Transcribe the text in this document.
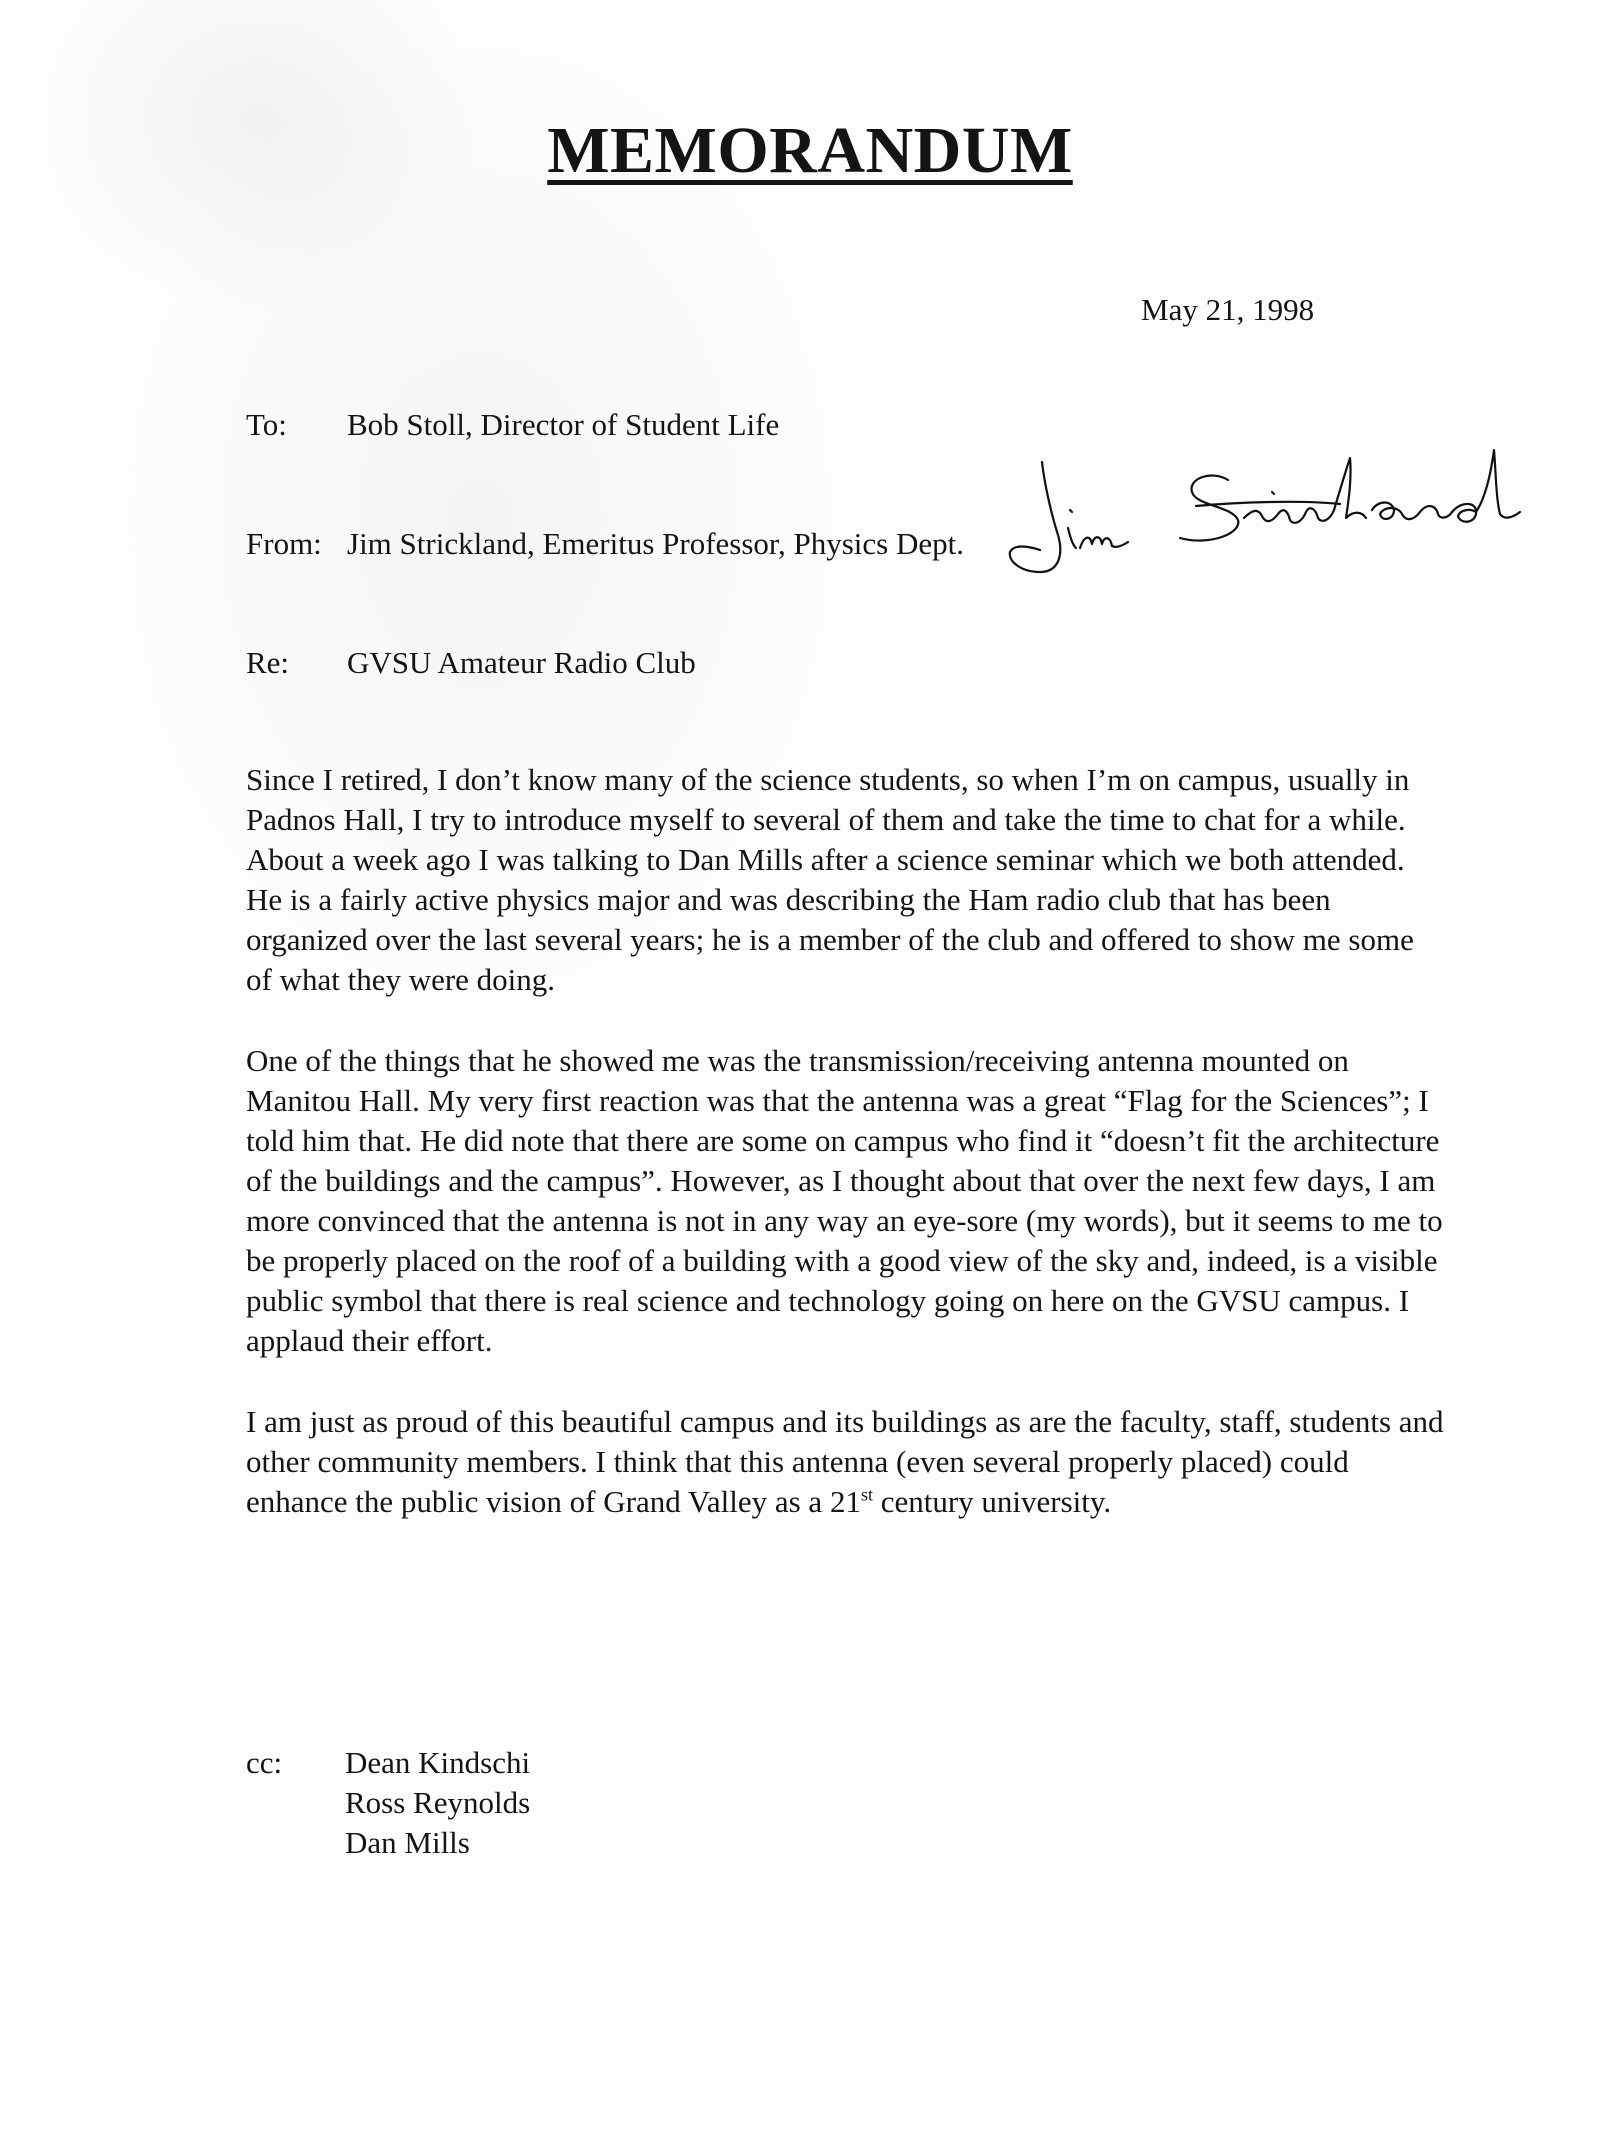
MEMORANDUM
May 21, 1998
To: Bob Stoll, Director of Student Life
From: Jim Strickland, Emeritus Professor, Physics Dept.
Re: GVSU Amateur Radio Club

Since I retired, I don’t know many of the science students, so when I’m on campus, usually in Padnos Hall, I try to introduce myself to several of them and take the time to chat for a while. About a week ago I was talking to Dan Mills after a science seminar which we both attended. He is a fairly active physics major and was describing the Ham radio club that has been organized over the last several years; he is a member of the club and offered to show me some of what they were doing.

One of the things that he showed me was the transmission/receiving antenna mounted on Manitou Hall. My very first reaction was that the antenna was a great “Flag for the Sciences”; I told him that. He did note that there are some on campus who find it “doesn’t fit the architecture of the buildings and the campus”. However, as I thought about that over the next few days, I am more convinced that the antenna is not in any way an eye-sore (my words), but it seems to me to be properly placed on the roof of a building with a good view of the sky and, indeed, is a visible public symbol that there is real science and technology going on here on the GVSU campus. I applaud their effort.

I am just as proud of this beautiful campus and its buildings as are the faculty, staff, students and other community members. I think that this antenna (even several properly placed) could enhance the public vision of Grand Valley as a 21st century university.

cc: Dean Kindschi
Ross Reynolds
Dan Mills
